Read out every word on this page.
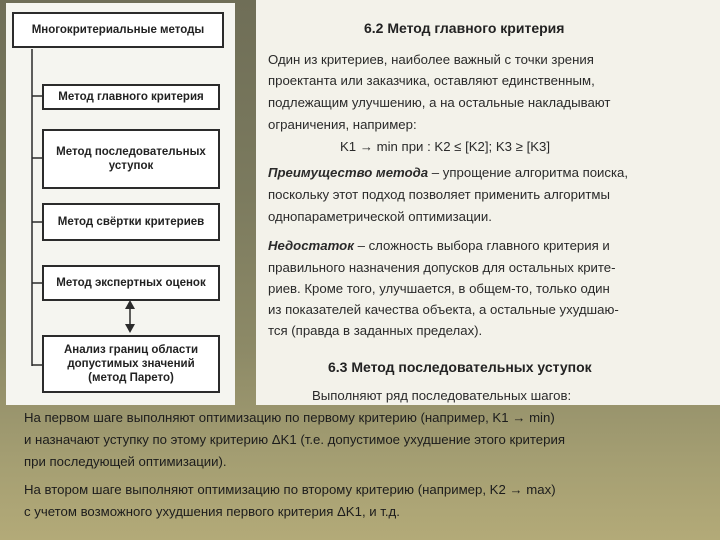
Многокритериальные методы
Метод главного критерия
Метод последовательных уступок
Метод свёртки критериев
Метод экспертных оценок
Анализ границ области допустимых значений (метод Парето)
6.2 Метод главного критерия
Один из критериев, наиболее важный с точки зрения
проектанта или заказчика, оставляют единственным,
подлежащим улучшению, а на остальные накладывают
ограничения, например:
K1 → min при : K2 ≤ [K2]; K3 ≥ [K3]
Преимущество метода – упрощение алгоритма поиска,
поскольку этот подход позволяет применить алгоритмы
однопараметрической оптимизации.
Недостаток – сложность выбора главного критерия и
правильного назначения допусков для остальных крите-
риев. Кроме того, улучшается, в общем-то, только один
из показателей качества объекта, а остальные ухудшаю-
тся (правда в заданных пределах).
6.3 Метод последовательных уступок
Выполняют ряд последовательных шагов:
На первом шаге выполняют оптимизацию по первому критерию (например, K1 → min)
и назначают уступку по этому критерию ΔK1 (т.е. допустимое ухудшение этого критерия
при последующей оптимизации).
На втором шаге выполняют оптимизацию по второму критерию (например, K2 → max)
с учетом возможного ухудшения первого критерия ΔK1, и т.д.
